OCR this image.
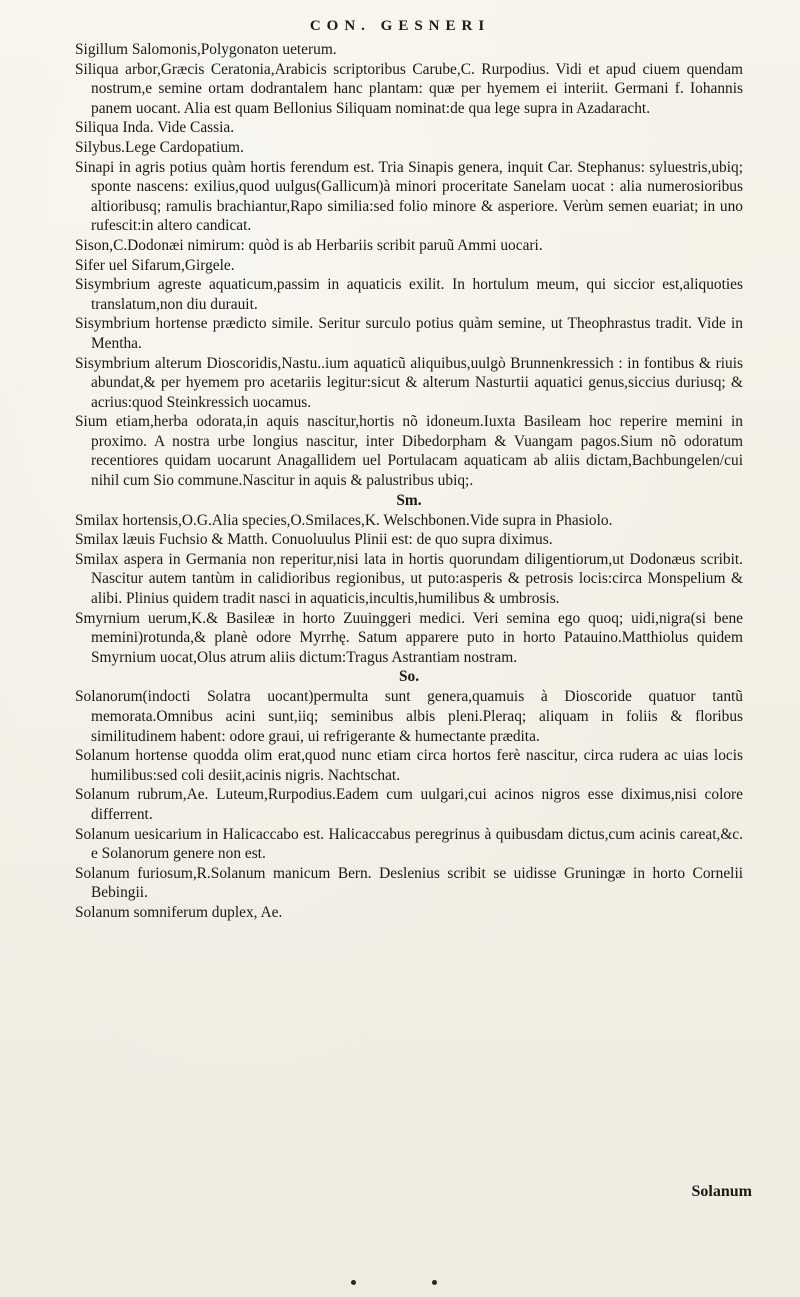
CON. GESNERI

Sigillum Salomonis,Polygonaton ueterum.

Siliqua arbor,Græcis Ceratonia,Arabicis scriptoribus Carube,C. Rurpodius. Vidi et apud ciuem quendam nostrum,e semine ortam dodrantalem hanc plantam: quæ per hyemem ei interiit. Germani f. Iohannis panem uocant. Alia est quam Bellonius Siliquam nominat:de qua lege supra in Azadaracht.

Siliqua Inda. Vide Cassia.

Silybus.Lege Cardopatium.

Sinapi in agris potius quàm hortis ferendum est. Tria Sinapis genera, inquit Car. Stephanus: syluestris,ubiq; sponte nascens: exilius,quod uulgus(Gallicum)à minori proceritate Sanelam uocat : alia numerosioribus altioribusq; ramulis brachiantur,Rapo similia:sed folio minore & asperiore. Verùm semen euariat; in uno rufescit:in altero candicat.

Sison,C.Dodonæi nimirum: quòd is ab Herbariis scribit paruũ Ammi uocari.

Sifer uel Sifarum,Girgele.

Sisymbrium agreste aquaticum,passim in aquaticis exilit. In hortulum meum, qui siccior est,aliquoties translatum,non diu durauit.

Sisymbrium hortense prædicto simile. Seritur surculo potius quàm semine, ut Theophrastus tradit. Vide in Mentha.

Sisymbrium alterum Dioscoridis,Nastu..ium aquaticũ aliquibus,uulgò Brunnenkressich : in fontibus & riuis abundat,& per hyemem pro acetariis legitur:sicut & alterum Nasturtii aquatici genus,siccius duriusq; & acrius:quod Steinkressich uocamus.

Sium etiam,herba odorata,in aquis nascitur,hortis nõ idoneum.Iuxta Basileam hoc reperire memini in proximo. A nostra urbe longius nascitur, inter Dibedorpham & Vuangam pagos.Sium nõ odoratum recentiores quidam uocarunt Anagallidem uel Portulacam aquaticam ab aliis dictam,Bachbungelen/cui nihil cum Sio commune.Nascitur in aquis & palustribus ubiq;.

Sm.

Smilax hortensis,O.G.Alia species,O.Smilaces,K. Welschbonen.Vide supra in Phasiolo.

Smilax læuis Fuchsio & Matth. Conuoluulus Plinii est: de quo supra diximus.

Smilax aspera in Germania non reperitur,nisi lata in hortis quorundam diligentiorum,ut Dodonæus scribit. Nascitur autem tantùm in calidioribus regionibus, ut puto:asperis & petrosis locis:circa Monspelium & alibi. Plinius quidem tradit nasci in aquaticis,incultis,humilibus & umbrosis.

Smyrnium uerum,K.& Basileæ in horto Zuuinggeri medici. Veri semina ego quoq; uidi,nigra(si bene memini)rotunda,& planè odore Myrrhę. Satum apparere puto in horto Patauino.Matthiolus quidem Smyrnium uocat,Olus atrum aliis dictum:Tragus Astrantiam nostram.

So.

Solanorum(indocti Solatra uocant)permulta sunt genera,quamuis à Dioscoride quatuor tantũ memorata.Omnibus acini sunt,iiq; seminibus albis pleni.Pleraq; aliquam in foliis & floribus similitudinem habent: odore graui, ui refrigerante & humectante prædita.

Solanum hortense quodda olim erat,quod nunc etiam circa hortos ferè nascitur, circa rudera ac uias locis humilibus:sed coli desiit,acinis nigris. Nachtschat.

Solanum rubrum,Ae. Luteum,Rurpodius.Eadem cum uulgari,cui acinos nigros esse diximus,nisi colore differrent.

Solanum uesicarium in Halicaccabo est. Halicaccabus peregrinus à quibusdam dictus,cum acinis careat,&c. e Solanorum genere non est.

Solanum furiosum,R.Solanum manicum Bern. Deslenius scribit se uidisse Gruningæ in horto Cornelii Bebingii.

Solanum somniferum duplex, Ae.

Solanum
